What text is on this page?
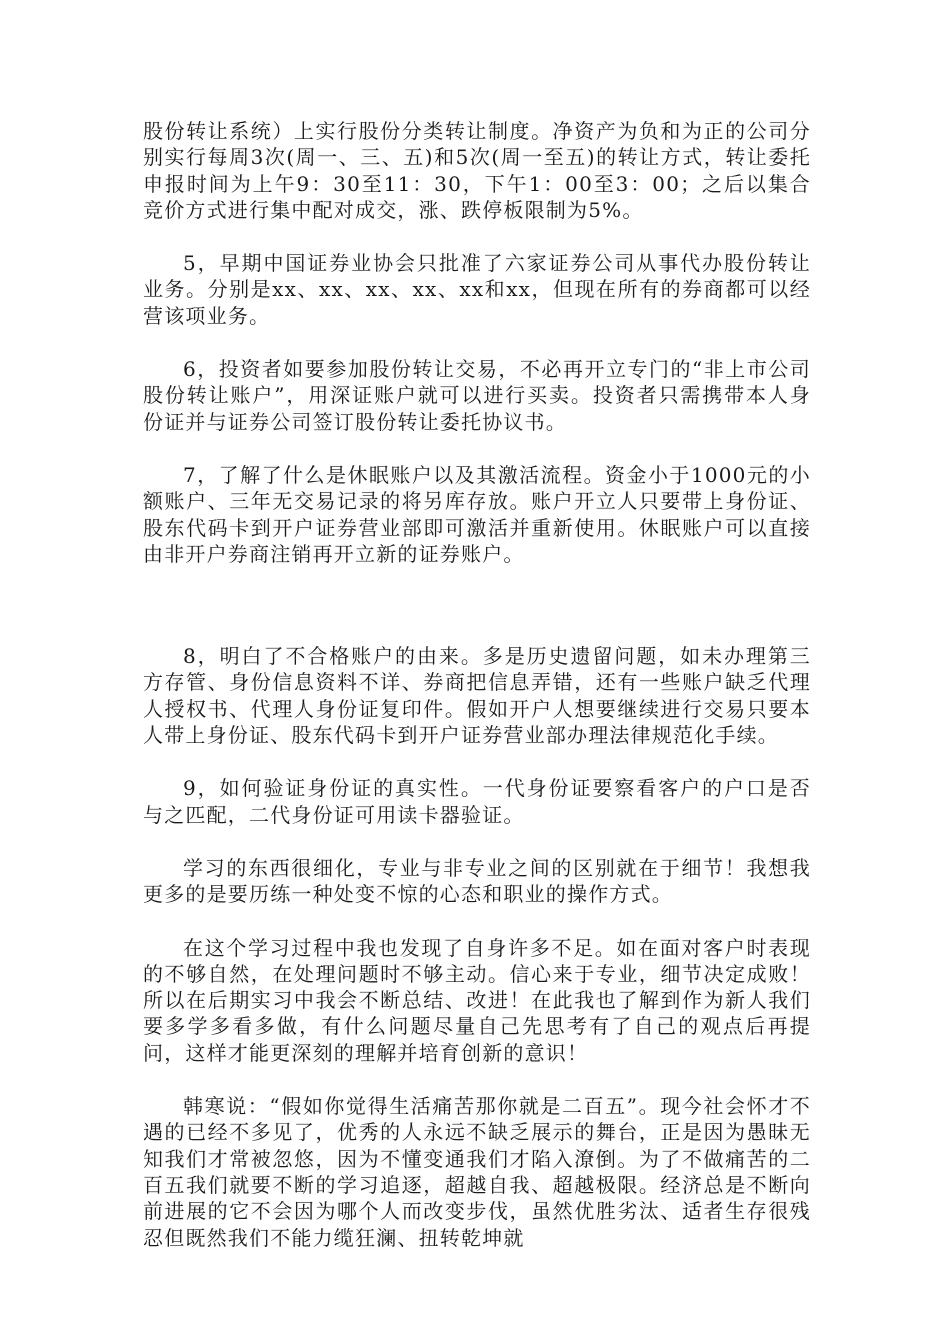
股份转让系统）上实行股份分类转让制度。净资产为负和为正的公司分别实行每周3次(周一、三、五)和5次(周一至五)的转让方式，转让委托申报时间为上午9：30至11：30，下午1：00至3：00；之后以集合竞价方式进行集中配对成交，涨、跌停板限制为5%。

5，早期中国证券业协会只批准了六家证券公司从事代办股份转让业务。分别是xx、xx、xx、xx、xx和xx，但现在所有的券商都可以经营该项业务。

6，投资者如要参加股份转让交易，不必再开立专门的“非上市公司股份转让账户”，用深证账户就可以进行买卖。投资者只需携带本人身份证并与证券公司签订股份转让委托协议书。

7，了解了什么是休眠账户以及其激活流程。资金小于1000元的小额账户、三年无交易记录的将另库存放。账户开立人只要带上身份证、股东代码卡到开户证券营业部即可激活并重新使用。休眠账户可以直接由非开户券商注销再开立新的证券账户。

8，明白了不合格账户的由来。多是历史遗留问题，如未办理第三方存管、身份信息资料不详、券商把信息弄错，还有一些账户缺乏代理人授权书、代理人身份证复印件。假如开户人想要继续进行交易只要本人带上身份证、股东代码卡到开户证券营业部办理法律规范化手续。

9，如何验证身份证的真实性。一代身份证要察看客户的户口是否与之匹配，二代身份证可用读卡器验证。

学习的东西很细化，专业与非专业之间的区别就在于细节！我想我更多的是要历练一种处变不惊的心态和职业的操作方式。

在这个学习过程中我也发现了自身许多不足。如在面对客户时表现的不够自然，在处理问题时不够主动。信心来于专业，细节决定成败！所以在后期实习中我会不断总结、改进！在此我也了解到作为新人我们要多学多看多做，有什么问题尽量自己先思考有了自己的观点后再提问，这样才能更深刻的理解并培育创新的意识！

韩寒说：“假如你觉得生活痛苦那你就是二百五”。现今社会怀才不遇的已经不多见了，优秀的人永远不缺乏展示的舞台，正是因为愚昧无知我们才常被忽悠，因为不懂变通我们才陷入潦倒。为了不做痛苦的二百五我们就要不断的学习追逐，超越自我、超越极限。经济总是不断向前进展的它不会因为哪个人而改变步伐，虽然优胜劣汰、适者生存很残忍但既然我们不能力缆狂澜、扭转乾坤就
